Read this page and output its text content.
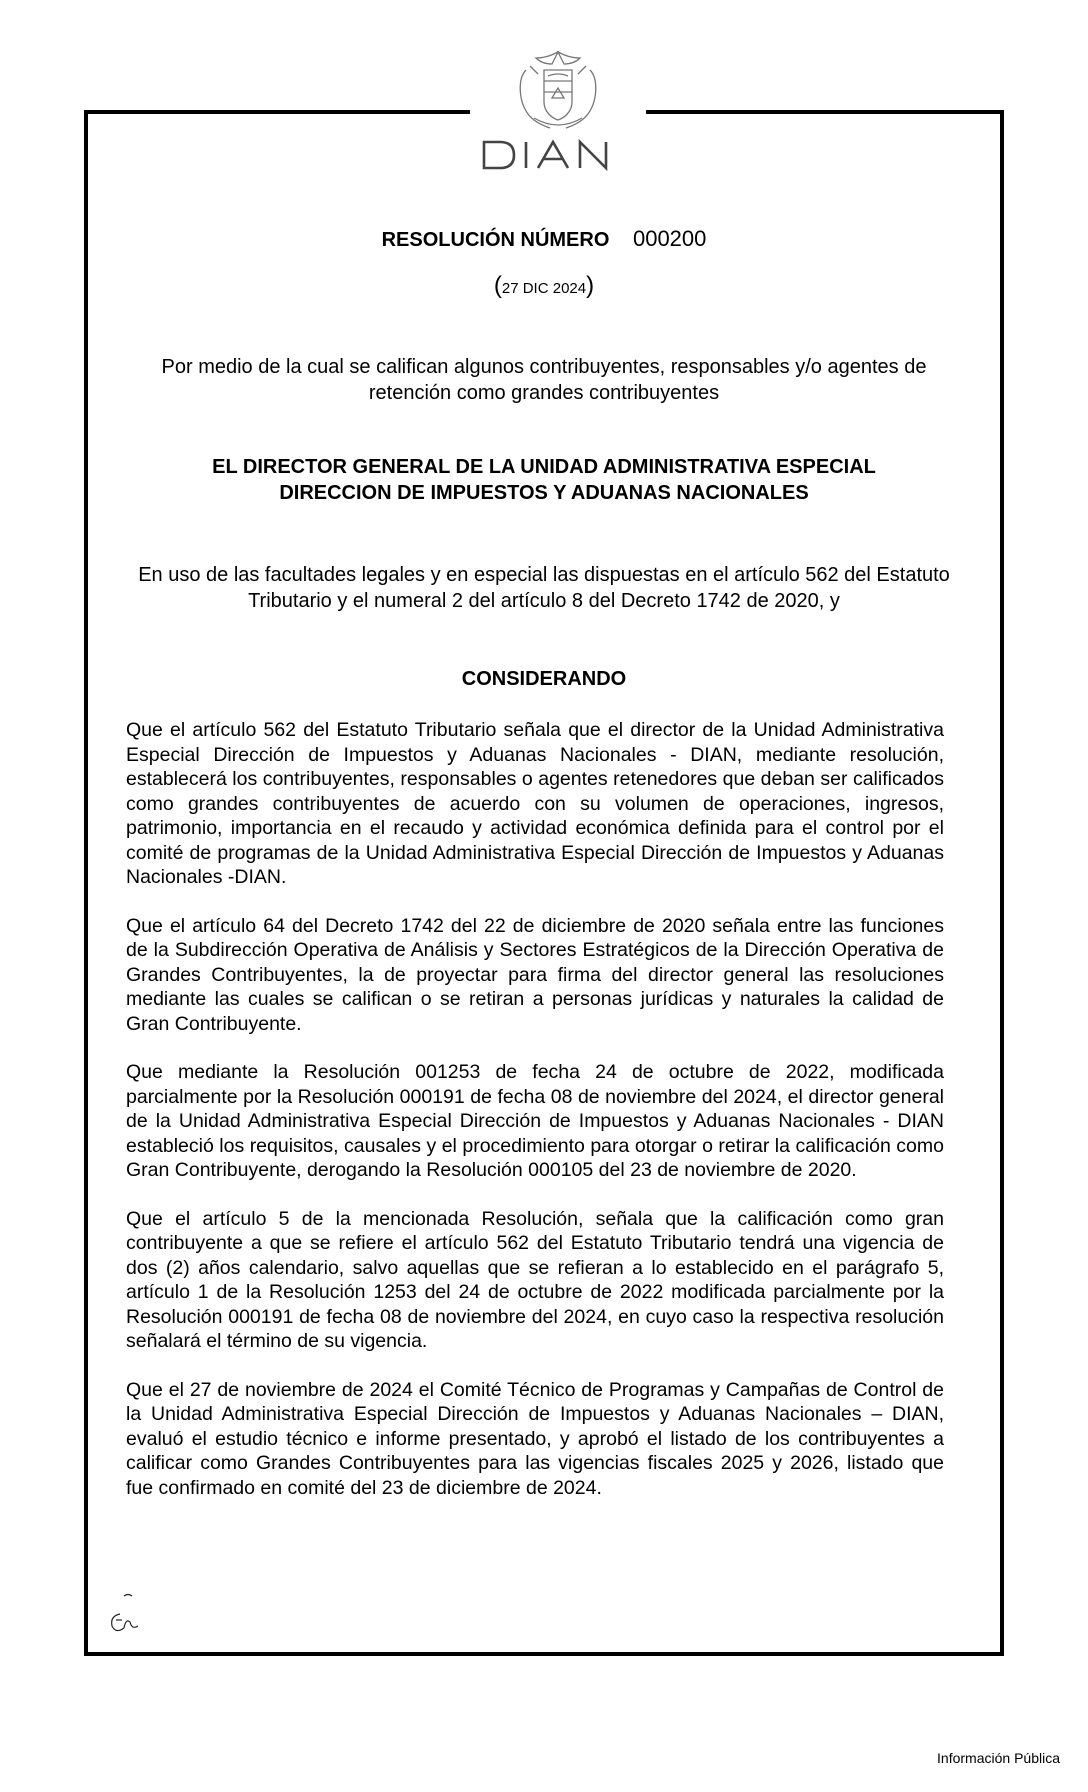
RESOLUCIÓN NÚMERO 000200
(27 DIC 2024)
Por medio de la cual se califican algunos contribuyentes, responsables y/o agentes de retención como grandes contribuyentes
EL DIRECTOR GENERAL DE LA UNIDAD ADMINISTRATIVA ESPECIAL
DIRECCION DE IMPUESTOS Y ADUANAS NACIONALES
En uso de las facultades legales y en especial las dispuestas en el artículo 562 del Estatuto Tributario y el numeral 2 del artículo 8 del Decreto 1742 de 2020, y
CONSIDERANDO

Que el artículo 562 del Estatuto Tributario señala que el director de la Unidad Administrativa Especial Dirección de Impuestos y Aduanas Nacionales - DIAN, mediante resolución, establecerá los contribuyentes, responsables o agentes retenedores que deban ser calificados como grandes contribuyentes de acuerdo con su volumen de operaciones, ingresos, patrimonio, importancia en el recaudo y actividad económica definida para el control por el comité de programas de la Unidad Administrativa Especial Dirección de Impuestos y Aduanas Nacionales -DIAN.

Que el artículo 64 del Decreto 1742 del 22 de diciembre de 2020 señala entre las funciones de la Subdirección Operativa de Análisis y Sectores Estratégicos de la Dirección Operativa de Grandes Contribuyentes, la de proyectar para firma del director general las resoluciones mediante las cuales se califican o se retiran a personas jurídicas y naturales la calidad de Gran Contribuyente.

Que mediante la Resolución 001253 de fecha 24 de octubre de 2022, modificada parcialmente por la Resolución 000191 de fecha 08 de noviembre del 2024, el director general de la Unidad Administrativa Especial Dirección de Impuestos y Aduanas Nacionales - DIAN estableció los requisitos, causales y el procedimiento para otorgar o retirar la calificación como Gran Contribuyente, derogando la Resolución 000105 del 23 de noviembre de 2020.

Que el artículo 5 de la mencionada Resolución, señala que la calificación como gran contribuyente a que se refiere el artículo 562 del Estatuto Tributario tendrá una vigencia de dos (2) años calendario, salvo aquellas que se refieran a lo establecido en el parágrafo 5, artículo 1 de la Resolución 1253 del 24 de octubre de 2022 modificada parcialmente por la Resolución 000191 de fecha 08 de noviembre del 2024, en cuyo caso la respectiva resolución señalará el término de su vigencia.

Que el 27 de noviembre de 2024 el Comité Técnico de Programas y Campañas de Control de la Unidad Administrativa Especial Dirección de Impuestos y Aduanas Nacionales – DIAN, evaluó el estudio técnico e informe presentado, y aprobó el listado de los contribuyentes a calificar como Grandes Contribuyentes para las vigencias fiscales 2025 y 2026, listado que fue confirmado en comité del 23 de diciembre de 2024.

Información Pública
